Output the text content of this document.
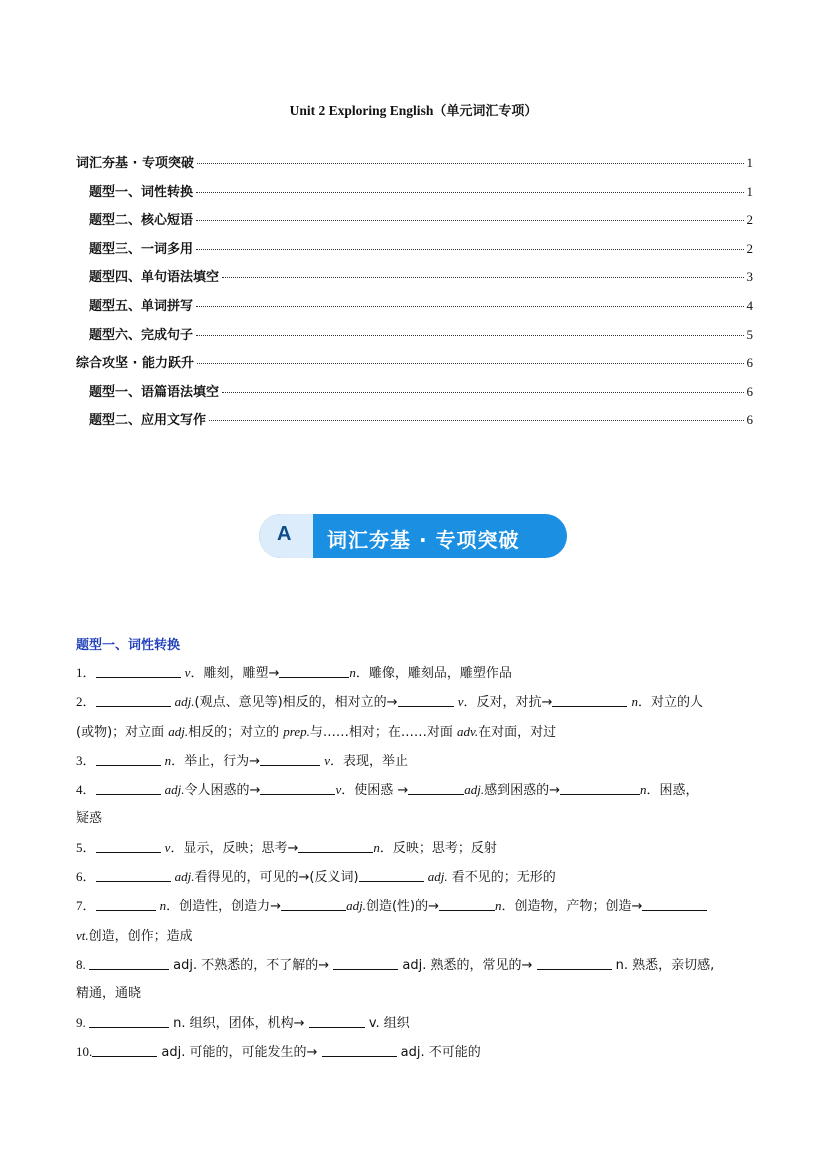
Unit 2 Exploring English（单元词汇专项）
词汇夯基 · 专项突破	1
题型一、词性转换	1
题型二、核心短语	2
题型三、一词多用	2
题型四、单句语法填空	3
题型五、单词拼写	4
题型六、完成句子	5
综合攻坚 · 能力跃升	6
题型一、语篇语法填空	6
题型二、应用文写作	6
A 词汇夯基 · 专项突破
题型一、词性转换

1．	v．雕刻，雕塑→	n．雕像，雕刻品，雕塑作品

2．	adj.(观点、意见等)相反的，相对立的→	v．反对，对抗→	n．对立的人
(或物)；对立面 adj.相反的；对立的 prep.与……相对；在……对面 adv.在对面，对过

3．	n．举止，行为→	v．表现，举止

4．	adj.令人困惑的→	v．使困惑 →	adj.感到困惑的→	n．困惑，
疑惑

5．	v．显示，反映；思考→	n．反映；思考；反射

6．	adj.看得见的，可见的→(反义词)	adj. 看不见的；无形的

7．	n．创造性，创造力→	adj.创造(性)的→	n．创造物，产物；创造→
vt.创造，创作；造成

8.	adj. 不熟悉的，不了解的→	adj. 熟悉的，常见的→	n. 熟悉，亲切感,
精通，通晓

9.	n. 组织，团体，机构→	v. 组织

10.	adj. 可能的，可能发生的→	adj. 不可能的
